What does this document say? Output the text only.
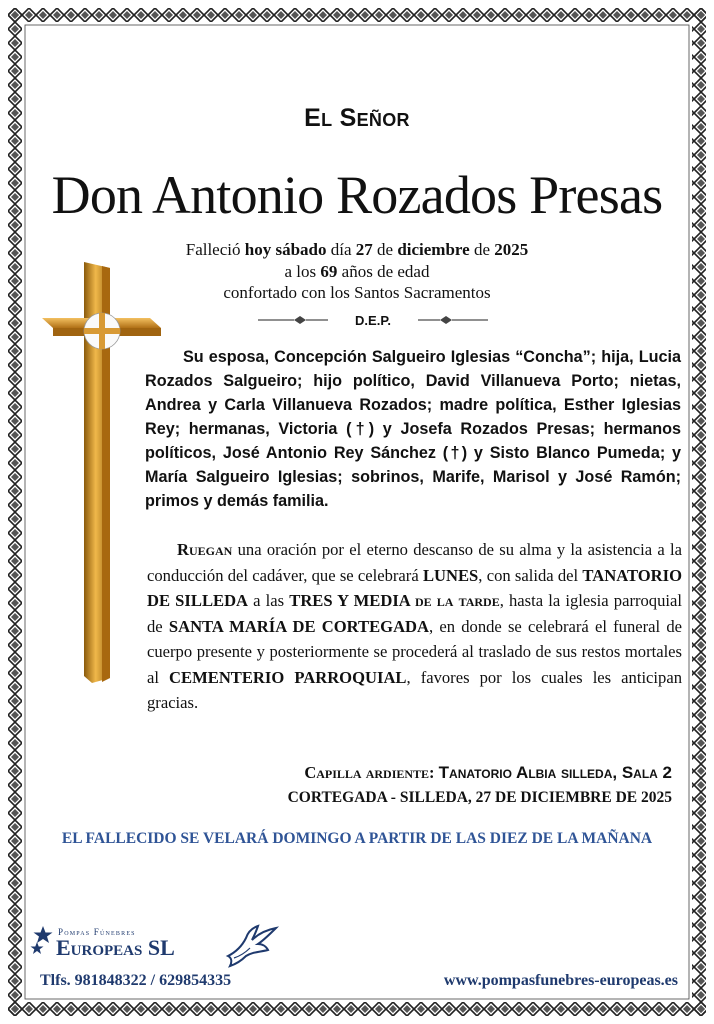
El Señor
Don Antonio Rozados Presas
Falleció hoy sábado día 27 de diciembre de 2025
a los 69 años de edad
confortado con los Santos Sacramentos
D.E.P.
Su esposa, Concepción Salgueiro Iglesias “Concha”; hija, Lucia Rozados Salgueiro; hijo político, David Villanueva Porto; nietas, Andrea y Carla Villanueva Rozados; madre política, Esther Iglesias Rey; hermanas, Victoria (†) y Josefa Rozados Presas; hermanos políticos, José Antonio Rey Sánchez (†) y Sisto Blanco Pumeda; y María Salgueiro Iglesias; sobrinos, Marife, Marisol y José Ramón; primos y demás familia.
Ruegan una oración por el eterno descanso de su alma y la asistencia a la conducción del cadáver, que se celebrará LUNES, con salida del TANATORIO DE SILLEDA a las TRES Y MEDIA de la tarde, hasta la iglesia parroquial de SANTA MARÍA DE CORTEGADA, en donde se celebrará el funeral de cuerpo presente y posteriormente se procederá al traslado de sus restos mortales al CEMENTERIO PARROQUIAL, favores por los cuales les anticipan gracias.
Capilla ardiente: Tanatorio Albia silleda, Sala 2
CORTEGADA - SILLEDA, 27 DE DICIEMBRE DE 2025
EL FALLECIDO SE VELARÁ DOMINGO A PARTIR DE LAS DIEZ DE LA MAÑANA
Pompas Fúnebres
Europeas SL
Tlfs. 981848322 / 629854335	www.pompasfunebres-europeas.es
